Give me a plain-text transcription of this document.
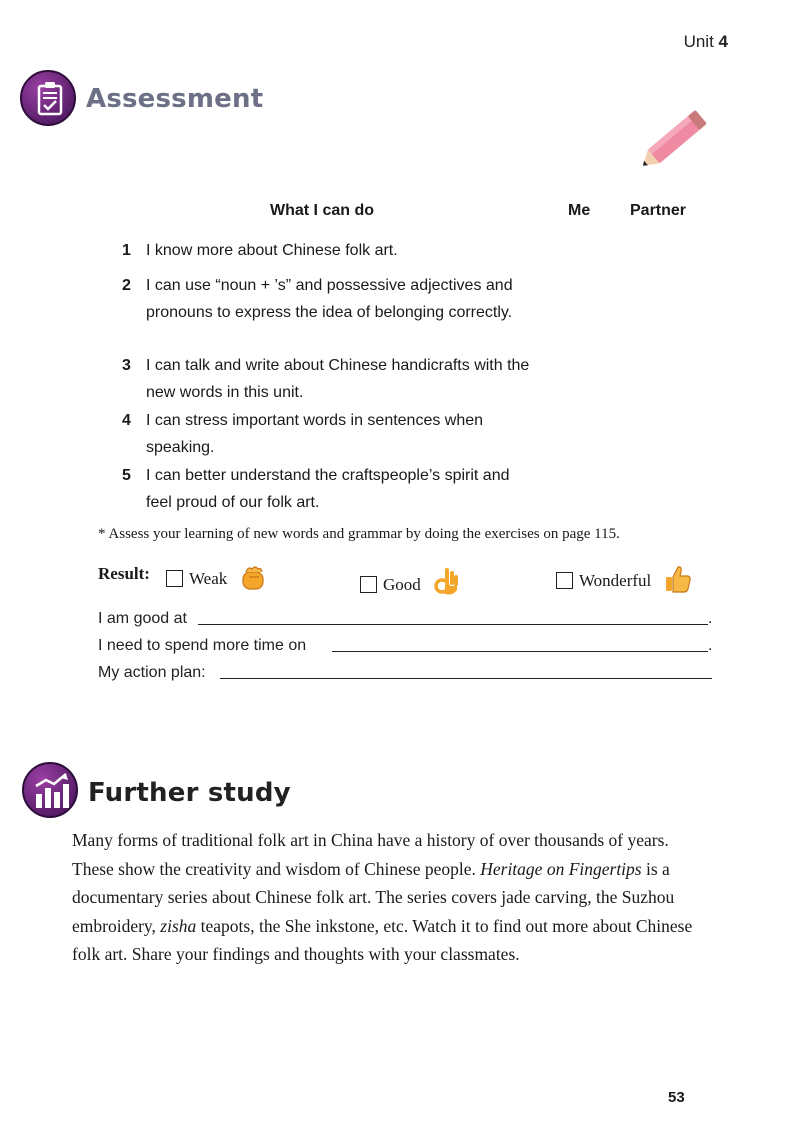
Unit 4
Assessment
What I can do	Me Partner
1 I know more about Chinese folk art.
2 I can use “noun + ’s” and possessive adjectives and pronouns to express the idea of belonging correctly.
3 I can talk and write about Chinese handicrafts with the new words in this unit.
4 I can stress important words in sentences when speaking.
5 I can better understand the craftspeople’s spirit and feel proud of our folk art.
* Assess your learning of new words and grammar by doing the exercises on page 115.
Result:	Weak	Good	Wonderful
I am good at	.
I need to spend more time on	.
My action plan:
Further study
Many forms of traditional folk art in China have a history of over thousands of years. These show the creativity and wisdom of Chinese people. Heritage on Fingertips is a documentary series about Chinese folk art. The series covers jade carving, the Suzhou embroidery, zisha teapots, the She inkstone, etc. Watch it to find out more about Chinese folk art. Share your findings and thoughts with your classmates.
53
